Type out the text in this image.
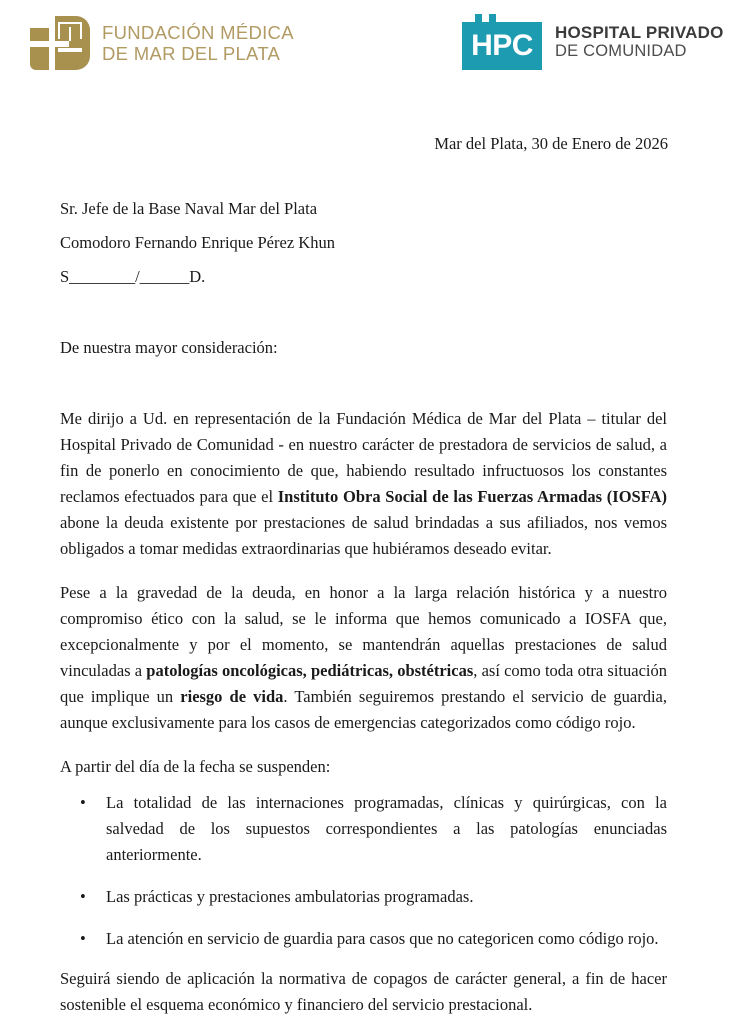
FUNDACIÓN MÉDICA
DE MAR DEL PLATA	HPC	HOSPITAL PRIVADO
DE COMUNIDAD
Mar del Plata, 30 de Enero de 2026
Sr. Jefe de la Base Naval Mar del Plata
Comodoro Fernando Enrique Pérez Khun
S________/______D.
De nuestra mayor consideración:

Me dirijo a Ud. en representación de la Fundación Médica de Mar del Plata – titular del Hospital Privado de Comunidad - en nuestro carácter de prestadora de servicios de salud, a fin de ponerlo en conocimiento de que, habiendo resultado infructuosos los constantes reclamos efectuados para que el Instituto Obra Social de las Fuerzas Armadas (IOSFA) abone la deuda existente por prestaciones de salud brindadas a sus afiliados, nos vemos obligados a tomar medidas extraordinarias que hubiéramos deseado evitar.

Pese a la gravedad de la deuda, en honor a la larga relación histórica y a nuestro compromiso ético con la salud, se le informa que hemos comunicado a IOSFA que, excepcionalmente y por el momento, se mantendrán aquellas prestaciones de salud vinculadas a patologías oncológicas, pediátricas, obstétricas, así como toda otra situación que implique un riesgo de vida. También seguiremos prestando el servicio de guardia, aunque exclusivamente para los casos de emergencias categorizados como código rojo.

A partir del día de la fecha se suspenden:

• La totalidad de las internaciones programadas, clínicas y quirúrgicas, con la salvedad de los supuestos correspondientes a las patologías enunciadas anteriormente.
• Las prácticas y prestaciones ambulatorias programadas.
• La atención en servicio de guardia para casos que no categoricen como código rojo.

Seguirá siendo de aplicación la normativa de copagos de carácter general, a fin de hacer sostenible el esquema económico y financiero del servicio prestacional.
